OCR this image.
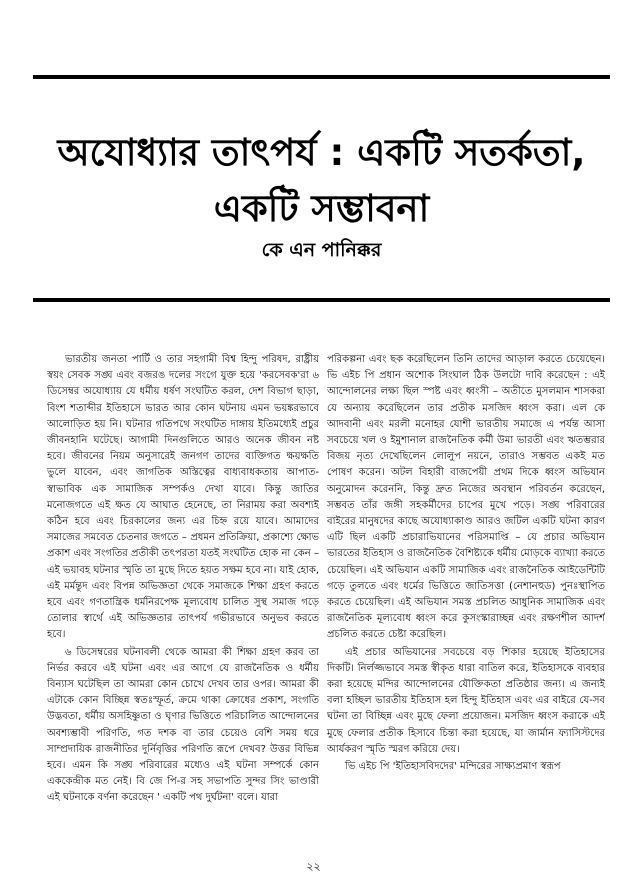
অযোধ্যার তাৎপর্য : একটি সতর্কতা, একটি সম্ভাবনা
কে এন পানিক্কর

ভারতীয় জনতা পার্টি ও তার সহগামী বিশ্ব হিন্দু পরিষদ, রাষ্ট্রীয় স্বয়ং সেবক সঙ্ঘ এবং বজরঙ দলের সংগে যুক্ত হয়ে 'করসেবক'রা ৬ ডিসেম্বর অযোধ্যায় যে ধর্মীয় ধর্ষণ সংঘটিত করল, দেশ বিভাগ ছাড়া, বিংশ শতাব্দীর ইতিহাসে ভারত আর কোন ঘটনায় এমন ভয়ঙ্করভাবে আলোড়িত হয় নি। ঘটনার গতিপথে সংঘটিত দাঙ্গায় ইতিমধ্যেই প্রচুর জীবনহানি ঘটেছে। আগামী দিনগুলিতে আরও অনেক জীবন নষ্ট হবে। জীবনের নিয়ম অনুসারেই জনগণ তাদের ব্যক্তিগত ক্ষয়ক্ষতি ভুলে যাবেন, এবং জাগতিক অস্তিত্বের বাধ্যবাধকতায় আপাত-স্বাভাবিক এক সামাজিক সম্পর্কও দেখা যাবে। কিন্তু জাতির মনোজগতে এই ক্ষত যে আঘাত হেনেছে, তা নিরাময় করা অবশ্যই কঠিন হবে এবং চিরকালের জন্য এর চিহ্ন রয়ে যাবে। আমাদের সমাজের সমবেত চেতনার জগতে – প্রধমন প্রতিক্রিয়া, প্রকাশ্যে ক্ষোভ প্রকাশ এবং সংগতির প্রতীকী তৎপরতা যতই সংঘটিত হোক না কেন – এই ভয়াবহ ঘটনার স্মৃতি তা মুছে দিতে হয়ত সক্ষম হবে না। যাই হোক, এই মর্মন্তুদ এবং বিপন্ন অভিজ্ঞতা থেকে সমাজকে শিক্ষা গ্রহণ করতে হবে এবং গণতান্ত্রিক ধর্মনিরপেক্ষ মূল্যবোধ চালিত সুস্থ সমাজ গড়ে তোলার স্বার্থে এই অভিজ্ঞতার তাৎপর্য গভীরভাবে অনুভব করতে হবে।

৬ ডিসেম্বরের ঘটনাবলী থেকে আমরা কী শিক্ষা গ্রহণ করব তা নির্ভর করবে এই ঘটনা এবং এর আগে যে রাজনৈতিক ও ধর্মীয় বিন্যাস ঘটেছিল তা আমরা কোন চোখে দেখব তার ওপর। আমরা কী এটাকে কোন বিচ্ছিন্ন স্বতঃস্ফূর্ত, ক্রমে থাকা ক্রোধের প্রকাশ, সংগতি উদ্ভবতা, ধর্মীয় অসহিষ্ণুতা ও ঘৃণার ভিত্তিতে পরিচালিত আন্দোলনের অবশ্যম্ভাবী পরিণতি, গত দশক বা তার চেয়েও বেশি সময় ধরে সাম্প্রদায়িক রাজনীতির দুর্নিবৃত্তির পরিণতি রূপে দেখব? উত্তর বিভিন্ন হবে। এমন কি সঙ্ঘ পরিবারের মধ্যেও এই ঘটনা সম্পর্কে কোন এককেন্দ্রীক মত নেই। বি জে পি-র সহ সভাপতি সুন্দর সিং ভাণ্ডারী এই ঘটনাকে বর্ণনা করেছেন ' একটি পথ দুর্ঘটনা' বলে। যারা

পরিকল্পনা এবং ছক করেছিলেন তিনি তাদের আড়াল করতে চেয়েছেন। ভি এইচ পি প্রধান অশোক সিংঘাল ঠিক উলটো দাবি করেছেন : এই আন্দোলনের লক্ষ্য ছিল স্পষ্ট এবং ধ্বংসী – অতীতে মুসলমান শাসকরা যে অন্যায় করেছিলেন তার প্রতীক মসজিদ ধ্বংস করা। এল কে আদবানী এবং মরলী মনোহর যোশী ভারতীয় সমাজে এ পর্যন্ত আসা সবচেয়ে খল ও ইমুশানাল রাজনৈতিক কর্মী উমা ভারতী এবং ঋতম্ভরার বিজয় নৃত্য দেখেছিলেন লোলুপ নয়নে, তারাও সম্ভবত একই মত পোষণ করেন। অটল বিহারী বাজপেয়ী প্রথম দিকে ধ্বংস অভিযান অনুমোদন করেননি, কিন্তু দ্রুত নিজের অবস্থান পরিবর্তন করেছেন, সম্ভবত তাঁর জঙ্গী সহকর্মীদের চাপের মুখে পড়ে। সঙ্ঘ পরিবারের বাইরের মানুষদের কাছে অযোধ্যাকাণ্ড আরও জটিল একটি ঘটনা কারণ এটি ছিল একটি প্রচারাভিযানের পরিসমাপ্তি – যে প্রচার অভিযান ভারতের ইতিহাস ও রাজনৈতিক বৈশিষ্ট্যকে ধর্মীয় মোড়কে ব্যাখ্যা করতে চেয়েছিল। এই অভিযান একটি সামাজিক এবং রাজনৈতিক আইডেন্টিটি গড়ে তুলতে এবং ধর্মের ভিত্তিতে জাতিসত্তা (নেশানহুড) পুনঃস্থাপিত করতে চেয়েছিল। এই অভিযান সমস্ত প্রচলিত আধুনিক সামাজিক এবং রাজনৈতিক মূল্যবোধ ধ্বংস করে কুসংস্কারাচ্ছন্ন এবং রক্ষণশীল আদর্শ প্রচলিত করতে চেষ্টা করেছিল।

এই প্রচার অভিযানের সবচেয়ে বড় শিকার হয়েছে ইতিহাসের দিকটি। নির্লজ্জভাবে সমস্ত স্বীকৃত ধারা বাতিল করে, ইতিহাসকে ব্যবহার করা হয়েছে মন্দির আন্দোলনের যৌক্তিকতা প্রতিষ্ঠার জন্য। এ জন্যই বলা হচ্ছিল ভারতীয় ইতিহাস হল হিন্দু ইতিহাস এবং এর বাইরে যে-সব ঘটনা তা বিচ্ছিন্ন এবং মুছে ফেলা প্রয়োজন। মসজিদ ধ্বংস করাকে এই মুছে ফেলার প্রতীক হিসাবে চিন্তা করা হয়েছে, যা জার্মান ফ্যাসিস্টদের আর্যকরণ স্মৃতি স্মরণ করিয়ে দেয়।

ভি এইচ পি 'ইতিহাসবিদদের' মন্দিরের সাক্ষ্যপ্রমাণ স্বরূপ

২২
